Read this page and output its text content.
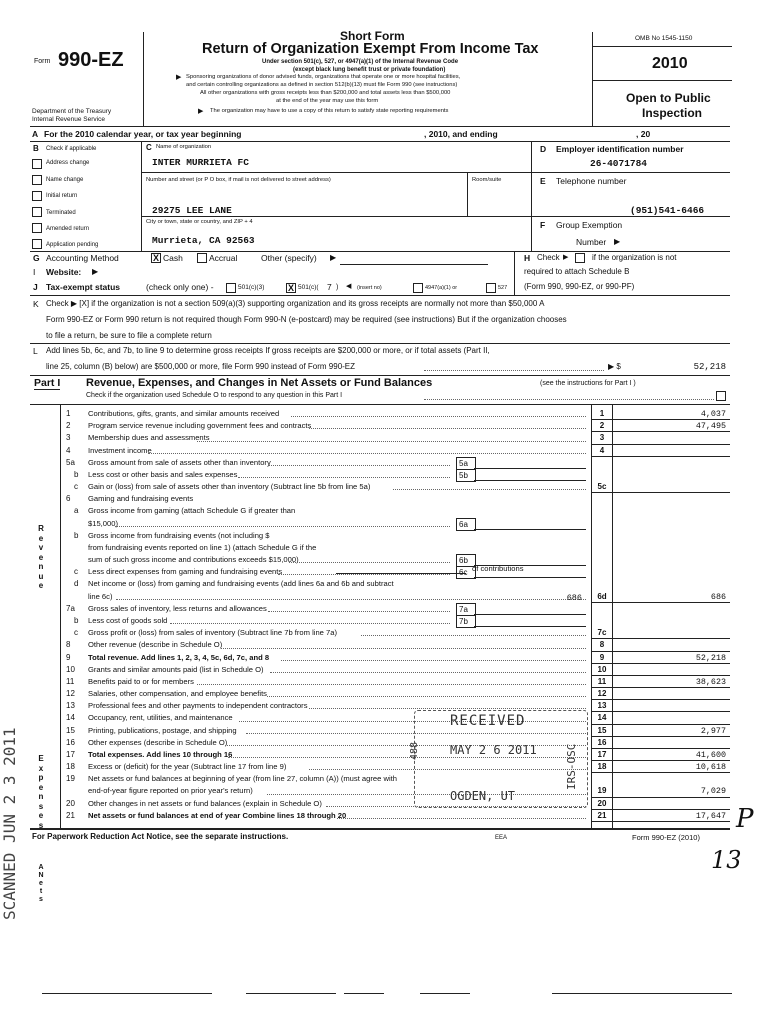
Form 990-EZ
Department of the Treasury
Internal Revenue Service
Short Form
Return of Organization Exempt From Income Tax
Under section 501(c), 527, or 4947(a)(1) of the Internal Revenue Code
(except black lung benefit trust or private foundation)
▶ Sponsoring organizations of donor advised funds, organizations that operate one or more hospital facilities,
and certain controlling organizations as defined in section 512(b)(13) must file Form 990 (see instructions)
All other organizations with gross receipts less than $200,000 and total assets less than $500,000
at the end of the year may use this form
▶ The organization may have to use a copy of this return to satisfy state reporting requirements
OMB No 1545-1150
2010
Open to Public
Inspection
A For the 2010 calendar year, or tax year beginning	, 2010, and ending	, 20
B Check if applicable
Address change
Name change
Initial return
Terminated
Amended return
Application pending
C Name of organization
INTER MURRIETA FC
Number and street (or P O box, if mail is not delivered to street address)	Room/suite
29275 LEE LANE
City or town, state or country, and ZIP + 4
Murrieta, CA 92563
D Employer identification number
26-4071784
E Telephone number
(951)541-6466
F Group Exemption
Number ▶
G Accounting Method	X Cash	Accrual	Other (specify) ▶
I Website: ▶
H Check ▶	if the organization is not
required to attach Schedule B
(Form 990, 990-EZ, or 990-PF)
J Tax-exempt status	(check only one) -	501(c)(3)	X 501(c)( 7 ) ◀ (insert no)	4947(a)(1) or	527
K Check ▶ [X] if the organization is not a section 509(a)(3) supporting organization and its gross receipts are normally not more than $50,000 A
Form 990-EZ or Form 990 return is not required though Form 990-N (e-postcard) may be required (see instructions) But if the organization chooses
to file a return, be sure to file a complete return
L Add lines 5b, 6c, and 7b, to line 9 to determine gross receipts If gross receipts are $200,000 or more, or if total assets (Part II,
line 25, column (B) below) are $500,000 or more, file Form 990 instead of Form 990-EZ	▶ $	52,218
Part I Revenue, Expenses, and Changes in Net Assets or Fund Balances	(see the instructions for Part I )
Check if the organization used Schedule O to respond to any question in this Part I
R
e
v
e
n
u
e
E
x
p
e
n
s
e
s
A
N
e
t
s
1 Contributions, gifts, grants, and similar amounts received	1	4,037
2 Program service revenue including government fees and contracts	2	47,495
3 Membership dues and assessments	3
4 Investment income	4
5a Gross amount from sale of assets other than inventory	5a
b Less cost or other basis and sales expenses	5b
c Gain or (loss) from sale of assets other than inventory (Subtract line 5b from line 5a)	5c
6 Gaming and fundraising events
a Gross income from gaming (attach Schedule G if greater than
$15,000)	6a
b Gross income from fundraising events (not including $
from fundraising events reported on line 1) (attach Schedule G if the
sum of such gross income and contributions exceeds $15,000)	6b
c Less direct expenses from gaming and fundraising events	6c
d Net income or (loss) from gaming and fundraising events (add lines 6a and 6b and subtract
line 6c)	6d	686
7a Gross sales of inventory, less returns and allowances	7a
b Less cost of goods sold	7b
c Gross profit or (loss) from sales of inventory (Subtract line 7b from line 7a)	7c
8 Other revenue (describe in Schedule O)	8
9 Total revenue. Add lines 1, 2, 3, 4, 5c, 6d, 7c, and 8	9	52,218
10 Grants and similar amounts paid (list in Schedule O)	10
11 Benefits paid to or for members	11	38,623
12 Salaries, other compensation, and employee benefits	12
13 Professional fees and other payments to independent contractors	13
14 Occupancy, rent, utilities, and maintenance	14
15 Printing, publications, postage, and shipping	15	2,977
16 Other expenses (describe in Schedule O)	16
17 Total expenses. Add lines 10 through 16	17	41,600
18 Excess or (deficit) for the year (Subtract line 17 from line 9)	18	10,618
19 Net assets or fund balances at beginning of year (from line 27, column (A)) (must agree with
end-of-year figure reported on prior year's return)	19	7,029
20 Other changes in net assets or fund balances (explain in Schedule O)	20
21 Net assets or fund balances at end of year Combine lines 18 through 20	21	17,647
of contributions
686
For Paperwork Reduction Act Notice, see the separate instructions.	EEA	Form 990-EZ (2010)
P
13
RECEIVED
MAY 2 6 2011
OGDEN, UT
488	IRS-OSC
SCANNED JUN 2 3 2011
